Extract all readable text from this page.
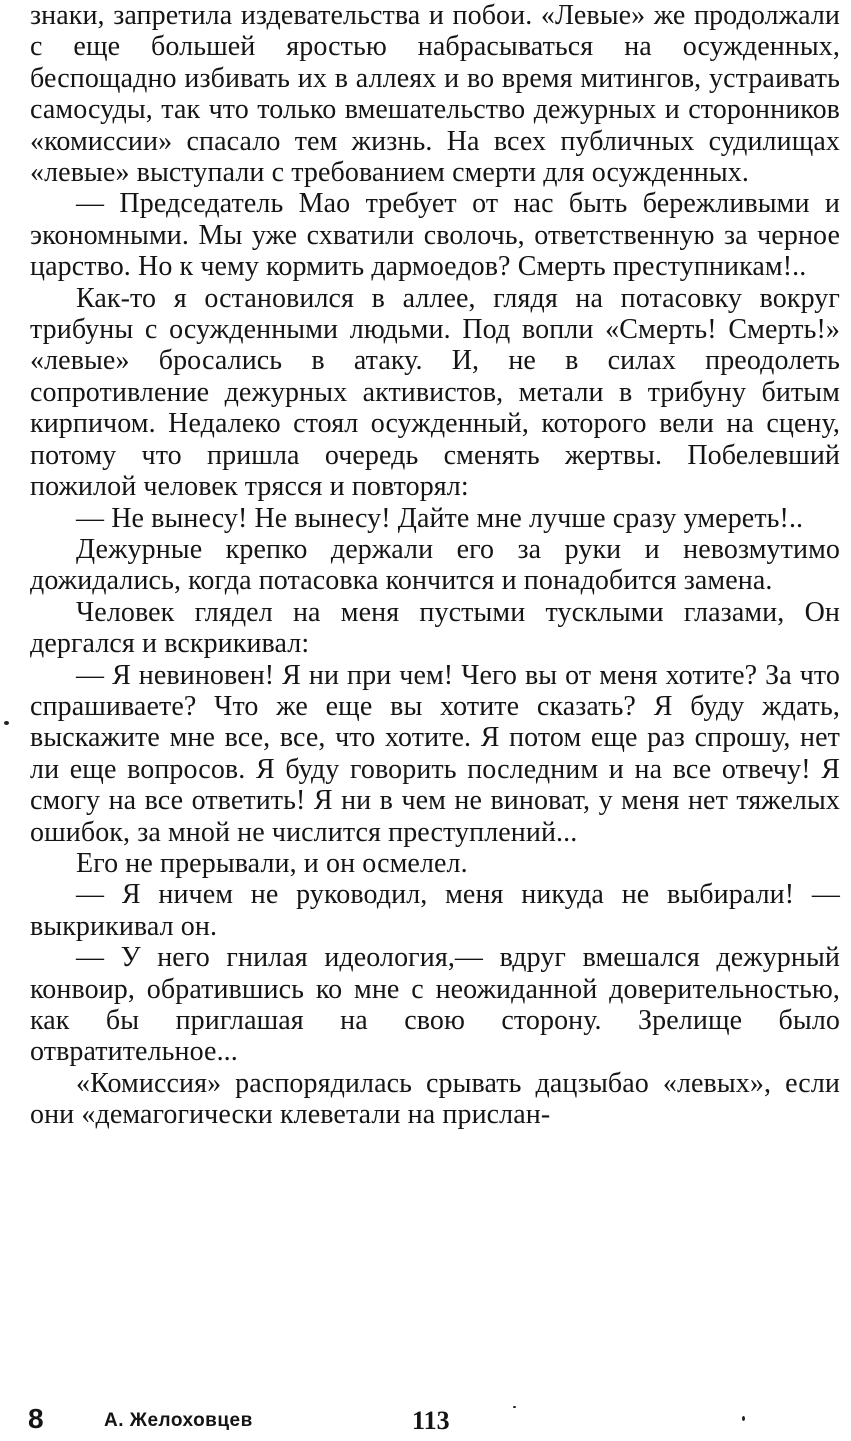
знаки, запретила издевательства и побои. «Левые» же продолжали с еще большей яростью набрасываться на осужденных, беспощадно избивать их в аллеях и во время митингов, устраивать самосуды, так что только вмешательство дежурных и сторонников «комиссии» спасало тем жизнь. На всех публичных судилищах «левые» выступали с требованием смерти для осужденных.

— Председатель Мао требует от нас быть бережливыми и экономными. Мы уже схватили сволочь, ответственную за черное царство. Но к чему кормить дармоедов? Смерть преступникам!..

Как-то я остановился в аллее, глядя на потасовку вокруг трибуны с осужденными людьми. Под вопли «Смерть! Смерть!» «левые» бросались в атаку. И, не в силах преодолеть сопротивление дежурных активистов, метали в трибуну битым кирпичом. Недалеко стоял осужденный, которого вели на сцену, потому что пришла очередь сменять жертвы. Побелевший пожилой человек трясся и повторял:

— Не вынесу! Не вынесу! Дайте мне лучше сразу умереть!..

Дежурные крепко держали его за руки и невозмутимо дожидались, когда потасовка кончится и понадобится замена.

Человек глядел на меня пустыми тусклыми глазами, Он дергался и вскрикивал:

— Я невиновен! Я ни при чем! Чего вы от меня хотите? За что спрашиваете? Что же еще вы хотите сказать? Я буду ждать, выскажите мне все, все, что хотите. Я потом еще раз спрошу, нет ли еще вопросов. Я буду говорить последним и на все отвечу! Я смогу на все ответить! Я ни в чем не виноват, у меня нет тяжелых ошибок, за мной не числится преступлений...

Его не прерывали, и он осмелел.

— Я ничем не руководил, меня никуда не выбирали! — выкрикивал он.

— У него гнилая идеология,— вдруг вмешался дежурный конвоир, обратившись ко мне с неожиданной доверительностью, как бы приглашая на свою сторону. Зрелище было отвратительное...

«Комиссия» распорядилась срывать дацзыбао «левых», если они «демагогически клеветали на прислан-

8	А. Желоховцев	113
